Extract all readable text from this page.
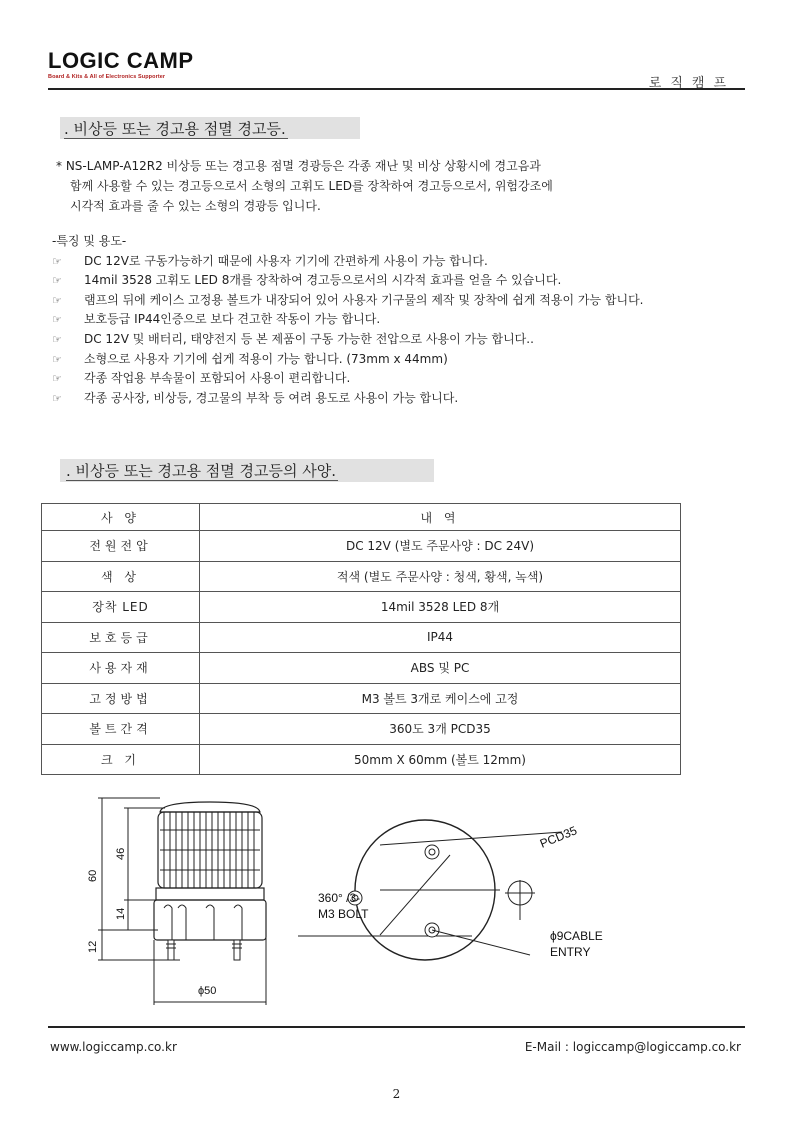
LOGIC CAMP
Board & Kits & All of Electronics Supporter	로직캠프
. 비상등 또는 경고용 점멸 경고등.
* NS-LAMP-A12R2 비상등 또는 경고용 점멸 경광등은 각종 재난 및 비상 상황시에 경고음과
함께 사용할 수 있는 경고등으로서 소형의 고휘도 LED를 장착하여 경고등으로서, 위험강조에
시각적 효과를 줄 수 있는 소형의 경광등 입니다.
-특징 및 용도-
☞	DC 12V로 구동가능하기 때문에 사용자 기기에 간편하게 사용이 가능 합니다.
☞	14mil 3528 고휘도 LED 8개를 장착하여 경고등으로서의 시각적 효과를 얻을 수 있습니다.
☞	램프의 뒤에 케이스 고정용 볼트가 내장되어 있어 사용자 기구물의 제작 및 장착에 쉽게 적용이 가능 합니다.
☞	보호등급 IP44인증으로 보다 견고한 작동이 가능 합니다.
☞	DC 12V 및 배터리, 태양전지 등 본 제품이 구동 가능한 전압으로 사용이 가능 합니다..
☞	소형으로 사용자 기기에 쉽게 적용이 가능 합니다. (73mm x 44mm)
☞	각종 작업용 부속물이 포함되어 사용이 편리합니다.
☞	각종 공사장, 비상등, 경고물의 부착 등 여려 용도로 사용이 가능 합니다.
. 비상등 또는 경고용 점멸 경고등의 사양.
사 양	내 역
전원전압	DC 12V (별도 주문사양 : DC 24V)
색 상	적색 (별도 주문사양 : 청색, 황색, 녹색)
장착 LED	14mil 3528 LED 8개
보호등급	IP44
사용자재	ABS 및 PC
고정방법	M3 볼트 3개로 케이스에 고정
볼트간격	360도 3개 PCD35
크 기	50mm X 60mm (볼트 12mm)
60
46
14
12
ϕ50
PCD35
360° /3-
M3 BOLT
ϕ9CABLE
ENTRY
www.logiccamp.co.kr	E-Mail : logiccamp@logiccamp.co.kr
2
